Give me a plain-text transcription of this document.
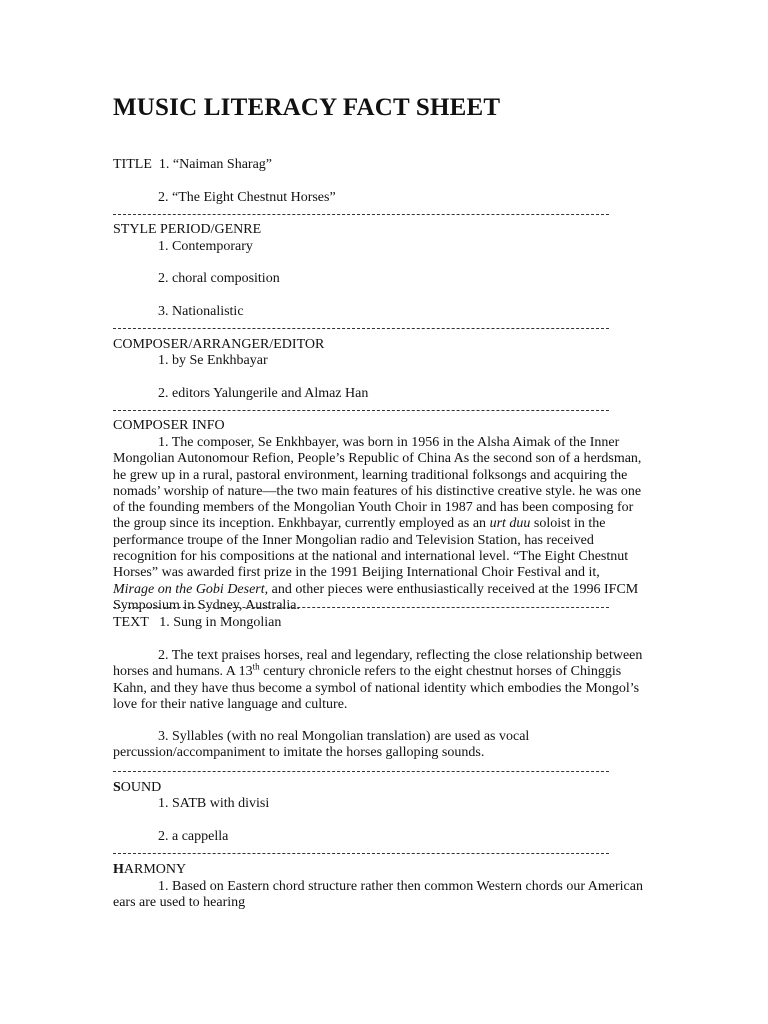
MUSIC LITERACY FACT SHEET

TITLE 1. “Naiman Sharag”

2. “The Eight Chestnut Horses”

STYLE PERIOD/GENRE

1. Contemporary

2. choral composition

3. Nationalistic

COMPOSER/ARRANGER/EDITOR

1. by Se Enkhbayar

2. editors Yalungerile and Almaz Han

COMPOSER INFO

1. The composer, Se Enkhbayer, was born in 1956 in the Alsha Aimak of the Inner Mongolian Autonomour Refion, People’s Republic of China As the second son of a herdsman, he grew up in a rural, pastoral environment, learning traditional folksongs and acquiring the nomads’ worship of nature—the two main features of his distinctive creative style. he was one of the founding members of the Mongolian Youth Choir in 1987 and has been composing for the group since its inception. Enkhbayar, currently employed as an urt duu soloist in the performance troupe of the Inner Mongolian radio and Television Station, has received recognition for his compositions at the national and international level. “The Eight Chestnut Horses” was awarded first prize in the 1991 Beijing International Choir Festival and it, Mirage on the Gobi Desert, and other pieces were enthusiastically received at the 1996 IFCM Symposium in Sydney, Australia.

TEXT 1. Sung in Mongolian

2. The text praises horses, real and legendary, reflecting the close relationship between horses and humans. A 13th century chronicle refers to the eight chestnut horses of Chinggis Kahn, and they have thus become a symbol of national identity which embodies the Mongol’s love for their native language and culture.

3. Syllables (with no real Mongolian translation) are used as vocal percussion/accompaniment to imitate the horses galloping sounds.

SOUND

1. SATB with divisi

2. a cappella

HARMONY

1. Based on Eastern chord structure rather then common Western chords our American ears are used to hearing
